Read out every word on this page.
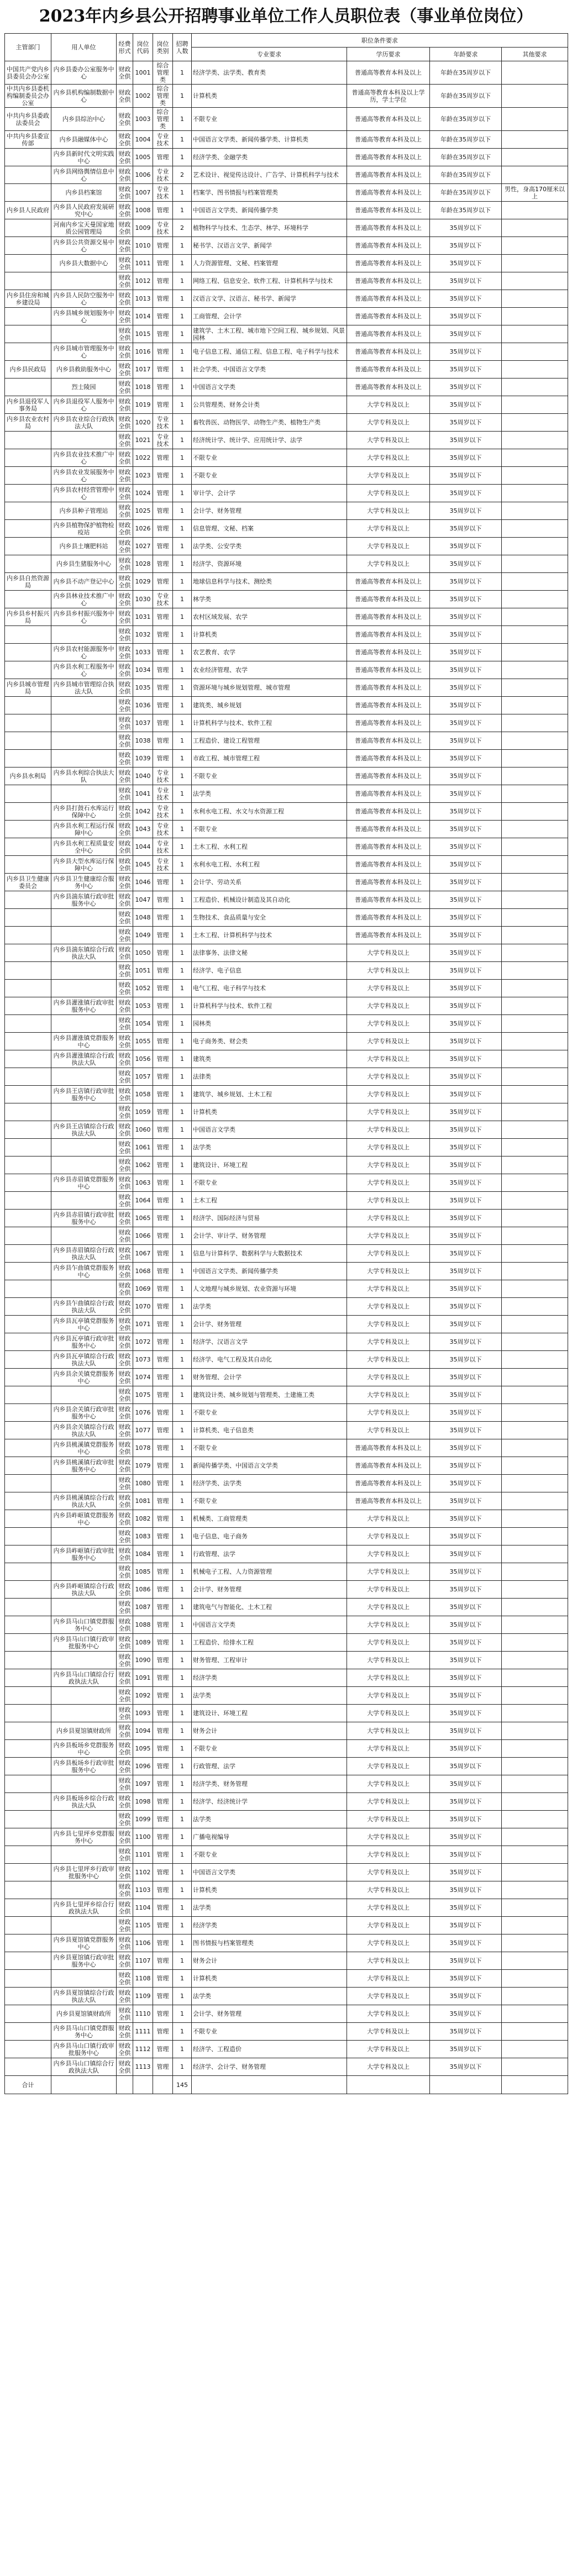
2023年内乡县公开招聘事业单位工作人员职位表（事业单位岗位）
主管部门	用人单位	经费形式	岗位代码	岗位类别	招聘人数	职位条件要求			
						专业要求	学历要求	年龄要求	其他要求
中国共产党内乡县委员会办公室	内乡县委办公室服务中心	财政全供	1001	综合管理类	1	经济学类、法学类、教育类	普通高等教育本科及以上	年龄在35周岁以下	
中共内乡县委机构编制委员会办公室	内乡县机构编制数据中心	财政全供	1002	综合管理类	1	计算机类	普通高等教育本科及以上学历，学士学位	年龄在35周岁以下	
中共内乡县委政法委员会	内乡县综治中心	财政全供	1003	综合管理类	1	不限专业	普通高等教育本科及以上	年龄在35周岁以下	
中共内乡县委宣传部	内乡县融媒体中心	财政全供	1004	专业技术	1	中国语言文学类、新闻传播学类、计算机类	普通高等教育本科及以上	年龄在35周岁以下	
	内乡县新时代文明实践中心	财政全供	1005	管理	1	经济学类、金融学类	普通高等教育本科及以上	年龄在35周岁以下	
	内乡县网络舆情信息中心	财政全供	1006	专业技术	2	艺术设计、视觉传达设计、广告学、计算机科学与技术	普通高等教育本科及以上	年龄在35周岁以下	
	内乡县档案馆	财政全供	1007	专业技术	1	档案学、图书情报与档案管理类	普通高等教育本科及以上	年龄在35周岁以下	男性，身高170厘米以上
内乡县人民政府	内乡县人民政府发展研究中心	财政全供	1008	管理	1	中国语言文学类、新闻传播学类	普通高等教育本科及以上	年龄在35周岁以下	
	河南内乡宝天曼国家地质公园管理局	财政全供	1009	专业技术	2	植物科学与技术、生态学、林学、环境科学	普通高等教育本科及以上	35周岁以下	
	内乡县公共资源交易中心	财政全供	1010	管理	1	秘书学、汉语言文学、新闻学	普通高等教育本科及以上	35周岁以下	
	内乡县大数据中心	财政全供	1011	管理	1	人力资源管理、文秘、档案管理	普通高等教育本科及以上	35周岁以下	
		财政全供	1012	管理	1	网络工程、信息安全、软件工程、计算机科学与技术	普通高等教育本科及以上	35周岁以下	
内乡县住房和城乡建设局	内乡县人民防空服务中心	财政全供	1013	管理	1	汉语言文学、汉语言、秘书学、新闻学	普通高等教育本科及以上	35周岁以下	
	内乡县城乡规划服务中心	财政全供	1014	管理	1	工商管理、会计学	普通高等教育本科及以上	35周岁以下	
		财政全供	1015	管理	1	建筑学、土木工程、城市地下空间工程、城乡规划、风景园林	普通高等教育本科及以上	35周岁以下	
	内乡县城市管理服务中心	财政全供	1016	管理	1	电子信息工程、通信工程、信息工程、电子科学与技术	普通高等教育本科及以上	35周岁以下	
内乡县民政局	内乡县救助服务中心	财政全供	1017	管理	1	社会学类、中国语言文学类	普通高等教育本科及以上	35周岁以下	
	烈士陵园	财政全供	1018	管理	1	中国语言文学类	普通高等教育本科及以上	35周岁以下	
内乡县退役军人事务局	内乡县退役军人服务中心	财政全供	1019	管理	1	公共管理类、财务会计类	大学专科及以上	35周岁以下	
内乡县农业农村局	内乡县农业综合行政执法大队	财政全供	1020	专业技术	1	畜牧兽医、动物医学、动物生产类、植物生产类	大学专科及以上	35周岁以下	
		财政全供	1021	专业技术	1	经济统计学、统计学、应用统计学、法学	大学专科及以上	35周岁以下	
	内乡县农业技术推广中心	财政全供	1022	管理	1	不限专业	大学专科及以上	35周岁以下	
	内乡县农业发展服务中心	财政全供	1023	管理	1	不限专业	大学专科及以上	35周岁以下	
	内乡县农村经营管理中心	财政全供	1024	管理	1	审计学、会计学	大学专科及以上	35周岁以下	
	内乡县种子管理站	财政全供	1025	管理	1	会计学、财务管理	大学专科及以上	35周岁以下	
	内乡县植物保护植物检疫站	财政全供	1026	管理	1	信息管理、文秘、档案	大学专科及以上	35周岁以下	
	内乡县土壤肥料站	财政全供	1027	管理	1	法学类、公安学类	大学专科及以上	35周岁以下	
	内乡县生猪服务中心	财政全供	1028	管理	1	经济学、资源环境	大学专科及以上	35周岁以下	
内乡县自然资源局	内乡县不动产登记中心	财政全供	1029	管理	1	地球信息科学与技术、测绘类	普通高等教育本科及以上	35周岁以下	
	内乡县林业技术推广中心	财政全供	1030	专业技术	1	林学类	普通高等教育本科及以上	35周岁以下	
内乡县乡村振兴局	内乡县乡村振兴服务中心	财政全供	1031	管理	1	农村区域发展、农学	普通高等教育本科及以上	35周岁以下	
		财政全供	1032	管理	1	计算机类	普通高等教育本科及以上	35周岁以下	
	内乡县农村能源服务中心	财政全供	1033	管理	1	农艺教育、农学	普通高等教育本科及以上	35周岁以下	
	内乡县水利工程服务中心	财政全供	1034	管理	1	农业经济管理、农学	普通高等教育本科及以上	35周岁以下	
内乡县城市管理局	内乡县城市管理综合执法大队	财政全供	1035	管理	1	资源环境与城乡规划管理、城市管理	普通高等教育本科及以上	35周岁以下	
		财政全供	1036	管理	1	建筑类、城乡规划	普通高等教育本科及以上	35周岁以下	
		财政全供	1037	管理	1	计算机科学与技术、软件工程	普通高等教育本科及以上	35周岁以下	
		财政全供	1038	管理	1	工程造价、建设工程管理	普通高等教育本科及以上	35周岁以下	
		财政全供	1039	管理	1	市政工程、城市管理工程	普通高等教育本科及以上	35周岁以下	
内乡县水利局	内乡县水利综合执法大队	财政全供	1040	专业技术	1	不限专业	普通高等教育本科及以上	35周岁以下	
		财政全供	1041	专业技术	1	法学类	普通高等教育本科及以上	35周岁以下	
	内乡县打鼓石水库运行保障中心	财政全供	1042	专业技术	1	水利水电工程、水文与水资源工程	普通高等教育本科及以上	35周岁以下	
	内乡县水利工程运行保障中心	财政全供	1043	专业技术	1	不限专业	普通高等教育本科及以上	35周岁以下	
	内乡县水利工程质量安全中心	财政全供	1044	专业技术	1	土木工程、水利工程	普通高等教育本科及以上	35周岁以下	
	内乡县大型水库运行保障中心	财政全供	1045	专业技术	1	水利水电工程、水利工程	普通高等教育本科及以上	35周岁以下	
内乡县卫生健康委员会	内乡县卫生健康综合服务中心	财政全供	1046	管理	1	会计学、劳动关系	普通高等教育本科及以上	35周岁以下	
	内乡县湍东镇行政审批服务中心	财政全供	1047	管理	1	工程造价、机械设计制造及其自动化	普通高等教育本科及以上	35周岁以下	
		财政全供	1048	管理	1	生物技术、食品质量与安全	普通高等教育本科及以上	35周岁以下	
		财政全供	1049	管理	1	土木工程、计算机科学与技术	普通高等教育本科及以上	35周岁以下	
	内乡县湍东镇综合行政执法大队	财政全供	1050	管理	1	法律事务、法律文秘	大学专科及以上	35周岁以下	
		财政全供	1051	管理	1	经济学、电子信息	大学专科及以上	35周岁以下	
		财政全供	1052	管理	1	电气工程、电子科学与技术	大学专科及以上	35周岁以下	
	内乡县灌涨镇行政审批服务中心	财政全供	1053	管理	1	计算机科学与技术、软件工程	大学专科及以上	35周岁以下	
		财政全供	1054	管理	1	园林类	大学专科及以上	35周岁以下	
	内乡县灌涨镇党群服务中心	财政全供	1055	管理	1	电子商务类、财会类	大学专科及以上	35周岁以下	
	内乡县灌涨镇综合行政执法大队	财政全供	1056	管理	1	建筑类	大学专科及以上	35周岁以下	
		财政全供	1057	管理	1	法律类	大学专科及以上	35周岁以下	
	内乡县王店镇行政审批服务中心	财政全供	1058	管理	1	建筑学、城乡规划、土木工程	大学专科及以上	35周岁以下	
		财政全供	1059	管理	1	计算机类	大学专科及以上	35周岁以下	
	内乡县王店镇综合行政执法大队	财政全供	1060	管理	1	中国语言文学类	大学专科及以上	35周岁以下	
		财政全供	1061	管理	1	法学类	大学专科及以上	35周岁以下	
		财政全供	1062	管理	1	建筑设计、环境工程	大学专科及以上	35周岁以下	
	内乡县赤眉镇党群服务中心	财政全供	1063	管理	1	不限专业	大学专科及以上	35周岁以下	
		财政全供	1064	管理	1	土木工程	大学专科及以上	35周岁以下	
	内乡县赤眉镇行政审批服务中心	财政全供	1065	管理	1	经济学、国际经济与贸易	大学专科及以上	35周岁以下	
		财政全供	1066	管理	1	会计学、审计学、财务管理	大学专科及以上	35周岁以下	
	内乡县赤眉镇综合行政执法大队	财政全供	1067	管理	1	信息与计算科学、数据科学与大数据技术	大学专科及以上	35周岁以下	
	内乡县乍曲镇党群服务中心	财政全供	1068	管理	1	中国语言文学类、新闻传播学类	大学专科及以上	35周岁以下	
		财政全供	1069	管理	1	人文地理与城乡规划、农业资源与环境	大学专科及以上	35周岁以下	
	内乡县乍曲镇综合行政执法大队	财政全供	1070	管理	1	法学类	大学专科及以上	35周岁以下	
	内乡县瓦亭镇党群服务中心	财政全供	1071	管理	1	会计学、财务管理	大学专科及以上	35周岁以下	
	内乡县瓦亭镇行政审批服务中心	财政全供	1072	管理	1	经济学、汉语言文学	大学专科及以上	35周岁以下	
	内乡县瓦亭镇综合行政执法大队	财政全供	1073	管理	1	经济学、电气工程及其自动化	大学专科及以上	35周岁以下	
	内乡县余关镇党群服务中心	财政全供	1074	管理	1	财务管理、会计学	大学专科及以上	35周岁以下	
		财政全供	1075	管理	1	建筑设计类、城乡规划与管理类、土建施工类	大学专科及以上	35周岁以下	
	内乡县余关镇行政审批服务中心	财政全供	1076	管理	1	不限专业	大学专科及以上	35周岁以下	
	内乡县余关镇综合行政执法大队	财政全供	1077	管理	1	计算机类、电子信息类	大学专科及以上	35周岁以下	
	内乡县桃溪镇党群服务中心	财政全供	1078	管理	1	不限专业	普通高等教育本科及以上	35周岁以下	
	内乡县桃溪镇行政审批服务中心	财政全供	1079	管理	1	新闻传播学类、中国语言文学类	普通高等教育本科及以上	35周岁以下	
		财政全供	1080	管理	1	经济学类、法学类	普通高等教育本科及以上	35周岁以下	
	内乡县桃溪镇综合行政执法大队	财政全供	1081	管理	1	不限专业	普通高等教育本科及以上	35周岁以下	
	内乡县岞岖镇党群服务中心	财政全供	1082	管理	1	机械类、工商管理类	大学专科及以上	35周岁以下	
		财政全供	1083	管理	1	电子信息、电子商务	大学专科及以上	35周岁以下	
	内乡县岞岖镇行政审批服务中心	财政全供	1084	管理	1	行政管理、法学	大学专科及以上	35周岁以下	
		财政全供	1085	管理	1	机械电子工程、人力资源管理	大学专科及以上	35周岁以下	
	内乡县岞岖镇综合行政执法大队	财政全供	1086	管理	1	会计学、财务管理	大学专科及以上	35周岁以下	
		财政全供	1087	管理	1	建筑电气与智能化、土木工程	大学专科及以上	35周岁以下	
	内乡县马山口镇党群服务中心	财政全供	1088	管理	1	中国语言文学类	大学专科及以上	35周岁以下	
	内乡县马山口镇行政审批服务中心	财政全供	1089	管理	1	工程造价、给排水工程	大学专科及以上	35周岁以下	
		财政全供	1090	管理	1	财务管理、工程审计	大学专科及以上	35周岁以下	
	内乡县马山口镇综合行政执法大队	财政全供	1091	管理	1	经济学类	大学专科及以上	35周岁以下	
		财政全供	1092	管理	1	法学类	大学专科及以上	35周岁以下	
		财政全供	1093	管理	1	建筑设计、环境工程	大学专科及以上	35周岁以下	
	内乡县夏馆镇财政所	财政全供	1094	管理	1	财务会计	大学专科及以上	35周岁以下	
	内乡县板场乡党群服务中心	财政全供	1095	管理	1	不限专业	大学专科及以上	35周岁以下	
	内乡县板场乡行政审批服务中心	财政全供	1096	管理	1	行政管理、法学	大学专科及以上	35周岁以下	
		财政全供	1097	管理	1	经济学类、财务管理	大学专科及以上	35周岁以下	
	内乡县板场乡综合行政执法大队	财政全供	1098	管理	1	经济学、经济统计学	大学专科及以上	35周岁以下	
		财政全供	1099	管理	1	法学类	大学专科及以上	35周岁以下	
	内乡县七里坪乡党群服务中心	财政全供	1100	管理	1	广播电视编导	大学专科及以上	35周岁以下	
		财政全供	1101	管理	1	不限专业	大学专科及以上	35周岁以下	
	内乡县七里坪乡行政审批服务中心	财政全供	1102	管理	1	中国语言文学类	大学专科及以上	35周岁以下	
		财政全供	1103	管理	1	计算机类	大学专科及以上	35周岁以下	
	内乡县七里坪乡综合行政执法大队	财政全供	1104	管理	1	法学类	大学专科及以上	35周岁以下	
		财政全供	1105	管理	1	经济学类	大学专科及以上	35周岁以下	
	内乡县夏馆镇党群服务中心	财政全供	1106	管理	1	图书情报与档案管理类	大学专科及以上	35周岁以下	
	内乡县夏馆镇行政审批服务中心	财政全供	1107	管理	1	财务会计	大学专科及以上	35周岁以下	
		财政全供	1108	管理	1	计算机类	大学专科及以上	35周岁以下	
	内乡县夏馆镇综合行政执法大队	财政全供	1109	管理	1	法学类	大学专科及以上	35周岁以下	
	内乡县夏馆镇财政所	财政全供	1110	管理	1	会计学、财务管理	大学专科及以上	35周岁以下	
	内乡县马山口镇党群服务中心	财政全供	1111	管理	1	不限专业	大学专科及以上	35周岁以下	
	内乡县马山口镇行政审批服务中心	财政全供	1112	管理	1	经济学、工程造价	大学专科及以上	35周岁以下	
	内乡县马山口镇综合行政执法大队	财政全供	1113	管理	1	经济学、会计学、财务管理	大学专科及以上	35周岁以下	
合计					145				
